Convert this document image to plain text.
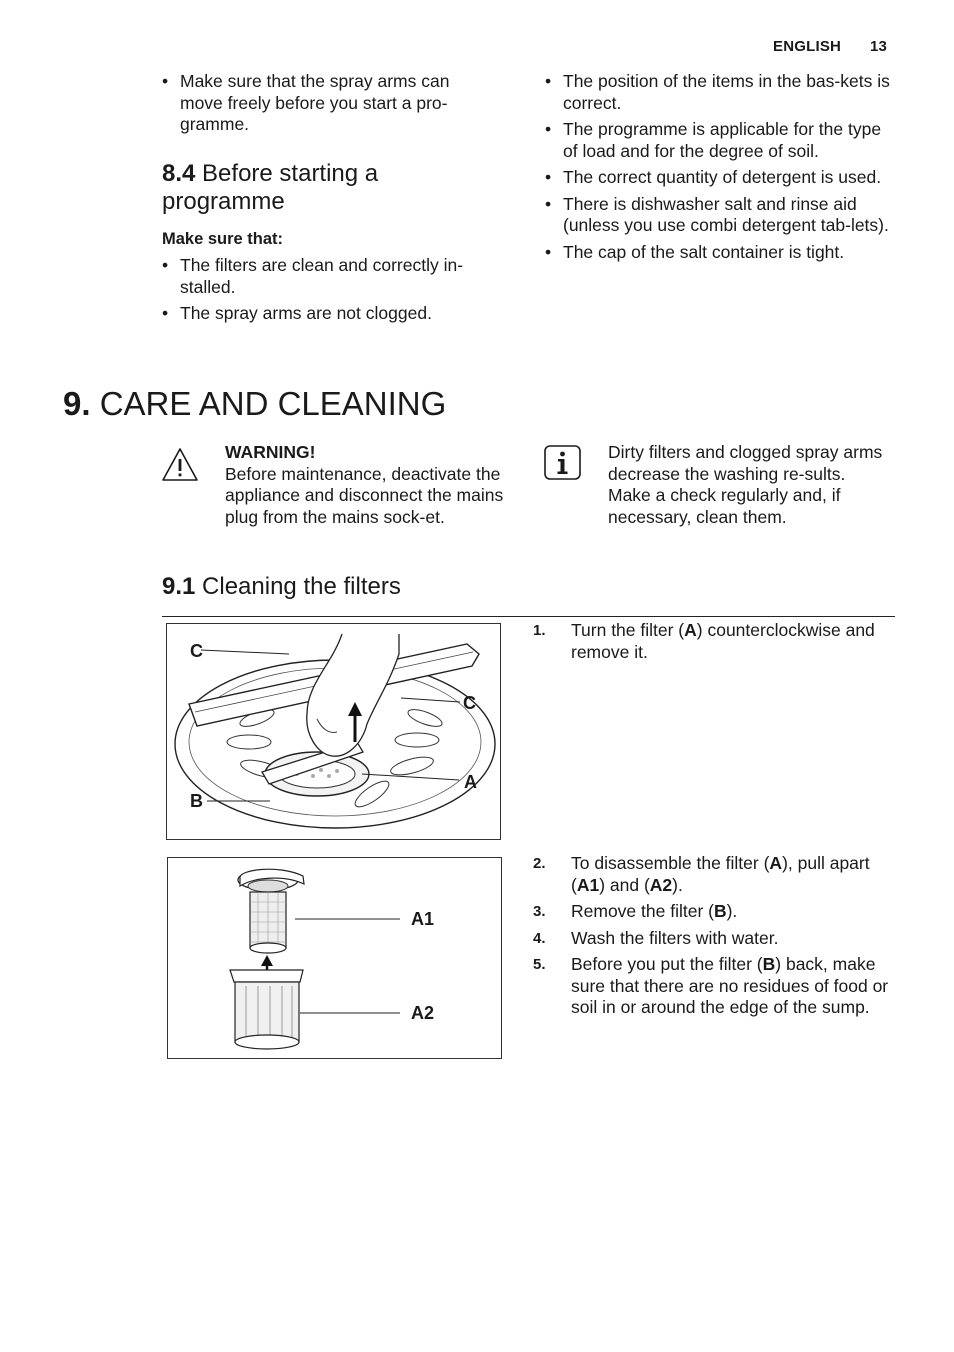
ENGLISH 13
• Make sure that the spray arms can move freely before you start a pro-gramme.
8.4 Before starting a programme
Make sure that:
• The filters are clean and correctly in-stalled.
• The spray arms are not clogged.
• The position of the items in the bas-kets is correct.
• The programme is applicable for the type of load and for the degree of soil.
• The correct quantity of detergent is used.
• There is dishwasher salt and rinse aid (unless you use combi detergent tab-lets).
• The cap of the salt container is tight.
9. CARE AND CLEANING
WARNING!
Before maintenance, deactivate the appliance and disconnect the mains plug from the mains sock-et.
Dirty filters and clogged spray arms decrease the washing re-sults.
Make a check regularly and, if necessary, clean them.
9.1 Cleaning the filters
C
C
A
B
1. Turn the filter (A) counterclockwise and remove it.
A1
A2
2. To disassemble the filter (A), pull apart (A1) and (A2).
3. Remove the filter (B).
4. Wash the filters with water.
5. Before you put the filter (B) back, make sure that there are no residues of food or soil in or around the edge of the sump.
